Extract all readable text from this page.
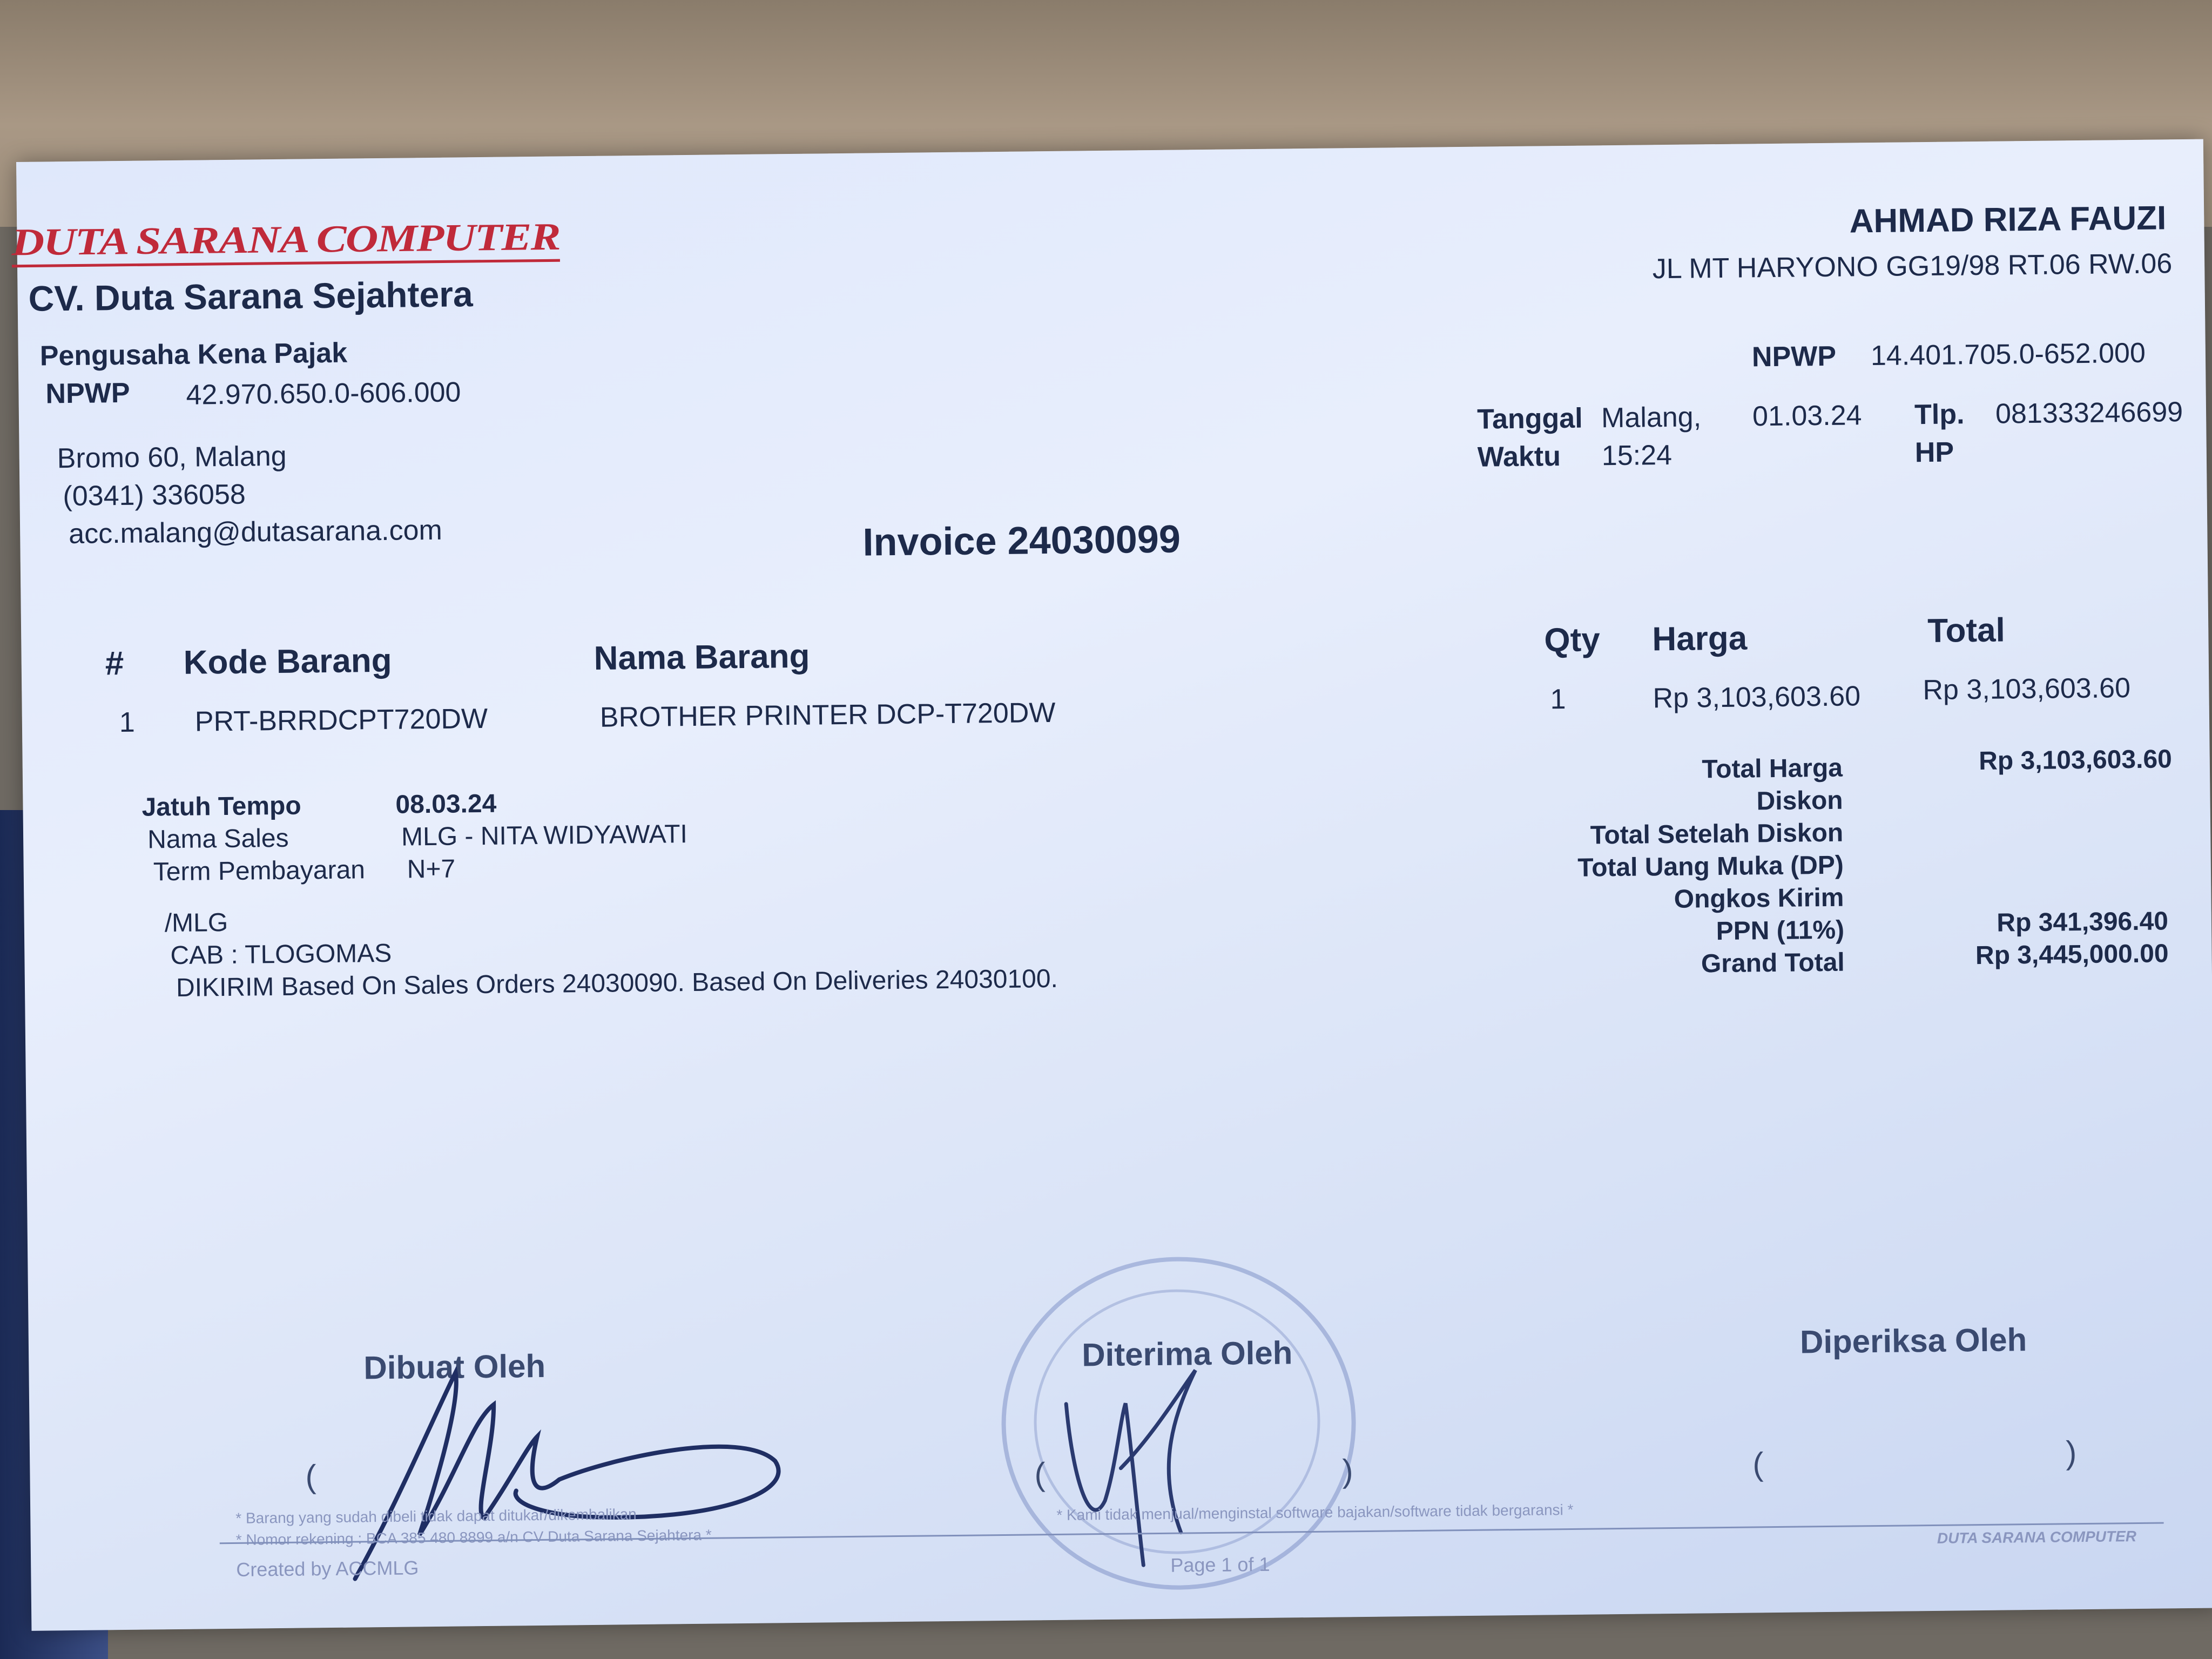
DUTA SARANA COMPUTER
CV. Duta Sarana Sejahtera
Pengusaha Kena Pajak
NPWP 42.970.650.0-606.000
Bromo 60, Malang
(0341) 336058
acc.malang@dutasarana.com
AHMAD RIZA FAUZI
JL MT HARYONO GG19/98 RT.06 RW.06
NPWP 14.401.705.0-652.000
Tanggal Malang, 01.03.24 Tlp. 081333246699
Waktu 15:24	HP
Invoice 24030099
# Kode Barang	Nama Barang	Qty Harga	Total
1 PRT-BRRDCPT720DW	BROTHER PRINTER DCP-T720DW	1	Rp 3,103,603.60 Rp 3,103,603.60
Jatuh Tempo	08.03.24
Nama Sales	MLG - NITA WIDYAWATI
Term Pembayaran N+7
/MLG
CAB : TLOGOMAS
DIKIRIM Based On Sales Orders 24030090. Based On Deliveries 24030100.
Total Harga	Rp 3,103,603.60
Diskon
Total Setelah Diskon
Total Uang Muka (DP)
Ongkos Kirim
PPN (11%)	Rp 341,396.40
Grand Total	Rp 3,445,000.00
Dibuat Oleh	Diterima Oleh	Diperiksa Oleh
(	(	)	(	)
* Barang yang sudah dibeli tidak dapat ditukar/dikembalikan
* Nomor rekening : BCA 385 480 8899 a/n CV Duta Sarana Sejahtera *
* Kami tidak menjual/menginstal software bajakan/software tidak bergaransi *
Created by ACCMLG	Page 1 of 1
DUTA SARANA COMPUTER
